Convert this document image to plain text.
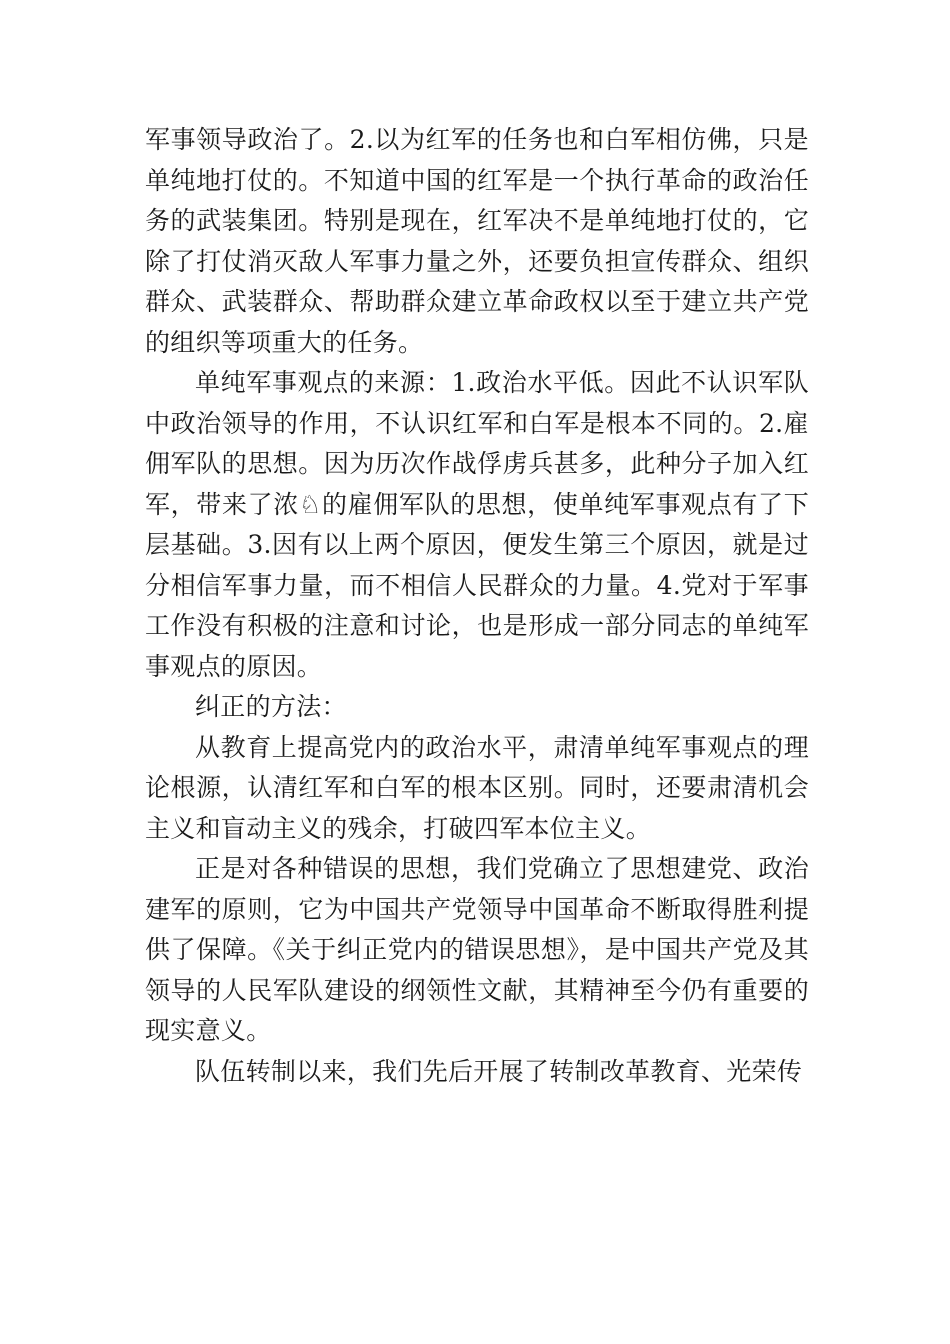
军事领导政治了。2.以为红军的任务也和白军相仿佛，只是单纯地打仗的。不知道中国的红军是一个执行革命的政治任务的武装集团。特别是现在，红军决不是单纯地打仗的，它除了打仗消灭敌人军事力量之外，还要负担宣传群众、组织群众、武装群众、帮助群众建立革命政权以至于建立共产党的组织等项重大的任务。

单纯军事观点的来源：1.政治水平低。因此不认识军队中政治领导的作用，不认识红军和白军是根本不同的。2.雇佣军队的思想。因为历次作战俘虏兵甚多，此种分子加入红军，带来了浓♘的雇佣军队的思想，使单纯军事观点有了下层基础。3.因有以上两个原因，便发生第三个原因，就是过分相信军事力量，而不相信人民群众的力量。4.党对于军事工作没有积极的注意和讨论，也是形成一部分同志的单纯军事观点的原因。

纠正的方法：

从教育上提高党内的政治水平，肃清单纯军事观点的理论根源，认清红军和白军的根本区别。同时，还要肃清机会主义和盲动主义的残余，打破四军本位主义。

正是对各种错误的思想，我们党确立了思想建党、政治建军的原则，它为中国共产党领导中国革命不断取得胜利提供了保障。《关于纠正党内的错误思想》，是中国共产党及其领导的人民军队建设的纲领性文献，其精神至今仍有重要的现实意义。

队伍转制以来，我们先后开展了转制改革教育、光荣传
